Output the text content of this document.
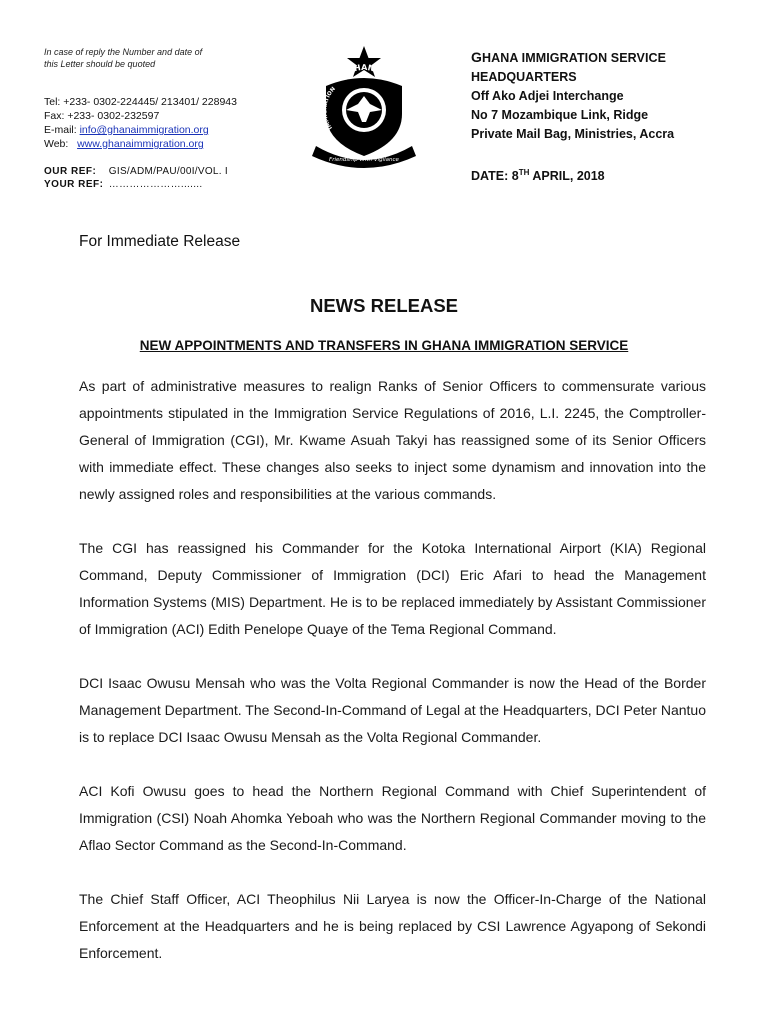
In case of reply the Number and date of this Letter should be quoted
Tel: +233- 0302-224445/ 213401/ 228943
Fax: +233- 0302-232597
E-mail: info@ghanaimmigration.org
Web: www.ghanaimmigration.org
OUR REF: GIS/ADM/PAU/00I/VOL. I
YOUR REF: ………………….......
GHANA
IMMIGRATION
Friendship With Vigilance
GHANA IMMIGRATION SERVICE
HEADQUARTERS
Off Ako Adjei Interchange
No 7 Mozambique Link, Ridge
Private Mail Bag, Ministries, Accra
DATE: 8TH APRIL, 2018
For Immediate Release
NEWS RELEASE
NEW APPOINTMENTS AND TRANSFERS IN GHANA IMMIGRATION SERVICE

As part of administrative measures to realign Ranks of Senior Officers to commensurate various appointments stipulated in the Immigration Service Regulations of 2016, L.I. 2245, the Comptroller-General of Immigration (CGI), Mr. Kwame Asuah Takyi has reassigned some of its Senior Officers with immediate effect. These changes also seeks to inject some dynamism and innovation into the newly assigned roles and responsibilities at the various commands.

The CGI has reassigned his Commander for the Kotoka International Airport (KIA) Regional Command, Deputy Commissioner of Immigration (DCI) Eric Afari to head the Management Information Systems (MIS) Department. He is to be replaced immediately by Assistant Commissioner of Immigration (ACI) Edith Penelope Quaye of the Tema Regional Command.

DCI Isaac Owusu Mensah who was the Volta Regional Commander is now the Head of the Border Management Department. The Second-In-Command of Legal at the Headquarters, DCI Peter Nantuo is to replace DCI Isaac Owusu Mensah as the Volta Regional Commander.

ACI Kofi Owusu goes to head the Northern Regional Command with Chief Superintendent of Immigration (CSI) Noah Ahomka Yeboah who was the Northern Regional Commander moving to the Aflao Sector Command as the Second-In-Command.

The Chief Staff Officer, ACI Theophilus Nii Laryea is now the Officer-In-Charge of the National Enforcement at the Headquarters and he is being replaced by CSI Lawrence Agyapong of Sekondi Enforcement.
